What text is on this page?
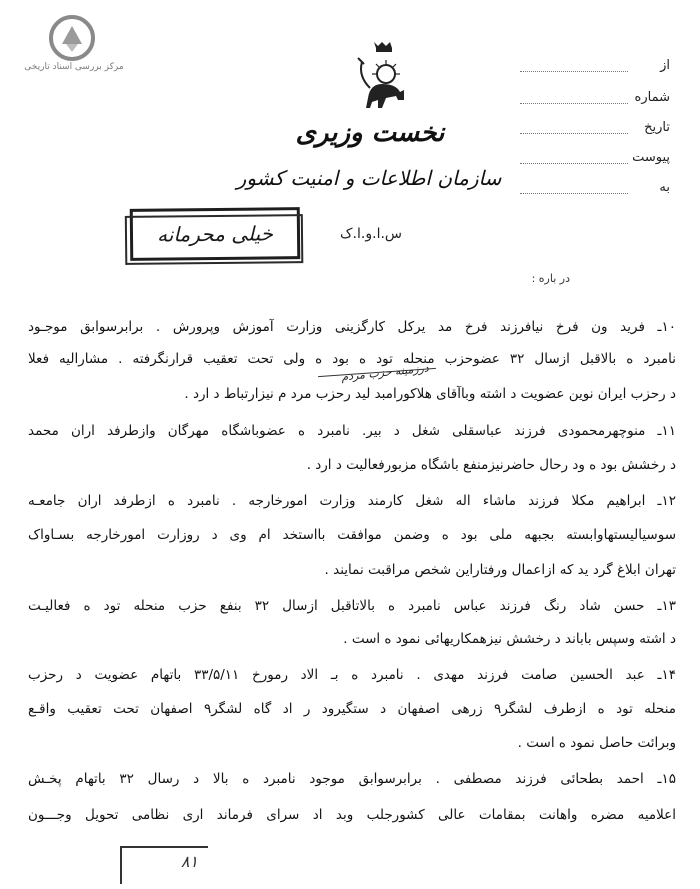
مرکز بررسی اسناد تاریخی
نخست وزیری
سازمان اطلاعات و امنیت کشور
س.ا.و.ا.ک
از
شماره
تاریخ
پیوست
به
خیلی محرمانه
در باره :
درزمینه حزب مردم
۱۰ـ فرید ون فرخ نیافرزند فرخ مد یرکل کارگزینی وزارت آموزش وپرورش . برابرسوابق موجـود
نامبرد ه بالاقبل ازسال ۳۲ عضوحزب منحله تود ه بود ه ولی تحت تعقیب قرارنگرفته . مشارالیه فعلا
د رحزب ایران نوین عضویت د اشته وباآقای هلاکورامبد لید رحزب مرد م نیزارتباط د ارد .
۱۱ـ منوچهرمحمودی فرزند عباسقلی شغل د بیر. نامبرد ه عضوباشگاه مهرگان وازطرفد اران محمد
د رخشش بود ه ود رحال حاضرنیزمنفع باشگاه مزبورفعالیت د ارد .
۱۲ـ ابراهیم مکلا فرزند ماشاء اله شغل کارمند وزارت امورخارجه . نامبرد ه ازطرفد اران جامعـه
سوسیالیستهاوابسته بجبهه ملی بود ه وضمن موافقت بااستخد ام وی د روزارت امورخارجه بسـاواک
تهران ابلاغ گرد ید که ازاعمال ورفتاراین شخص مراقبت نمایند .
۱۳ـ حسن شاد رنگ فرزند عباس نامبرد ه بالاتاقبل ازسال ۳۲ بنفع حزب منحله تود ه فعالیـت
د اشته وسپس باباند د رخشش نیزهمکاریهائی نمود ه است .
۱۴ـ عبد الحسین صامت فرزند مهدی . نامبرد ه بـ الاد رمورخ ۳۳/۵/۱۱ باتهام عضویت د رحزب
منحله تود ه ازطرف لشگر۹ زرهی اصفهان د ستگیرود ر اد گاه لشگر۹ اصفهان تحت تعقیب واقـع
وبرائت حاصل نمود ه است .
۱۵ـ احمد بطحائی فرزند مصطفی . برابرسوابق موجود نامبرد ه بالا د رسال ۳۲ باتهام پخـش
اعلامیه مضره واهانت بمقامات عالی کشورجلب وبد اد سرای فرماند اری نظامی تحویل وجـــون
۸۱
